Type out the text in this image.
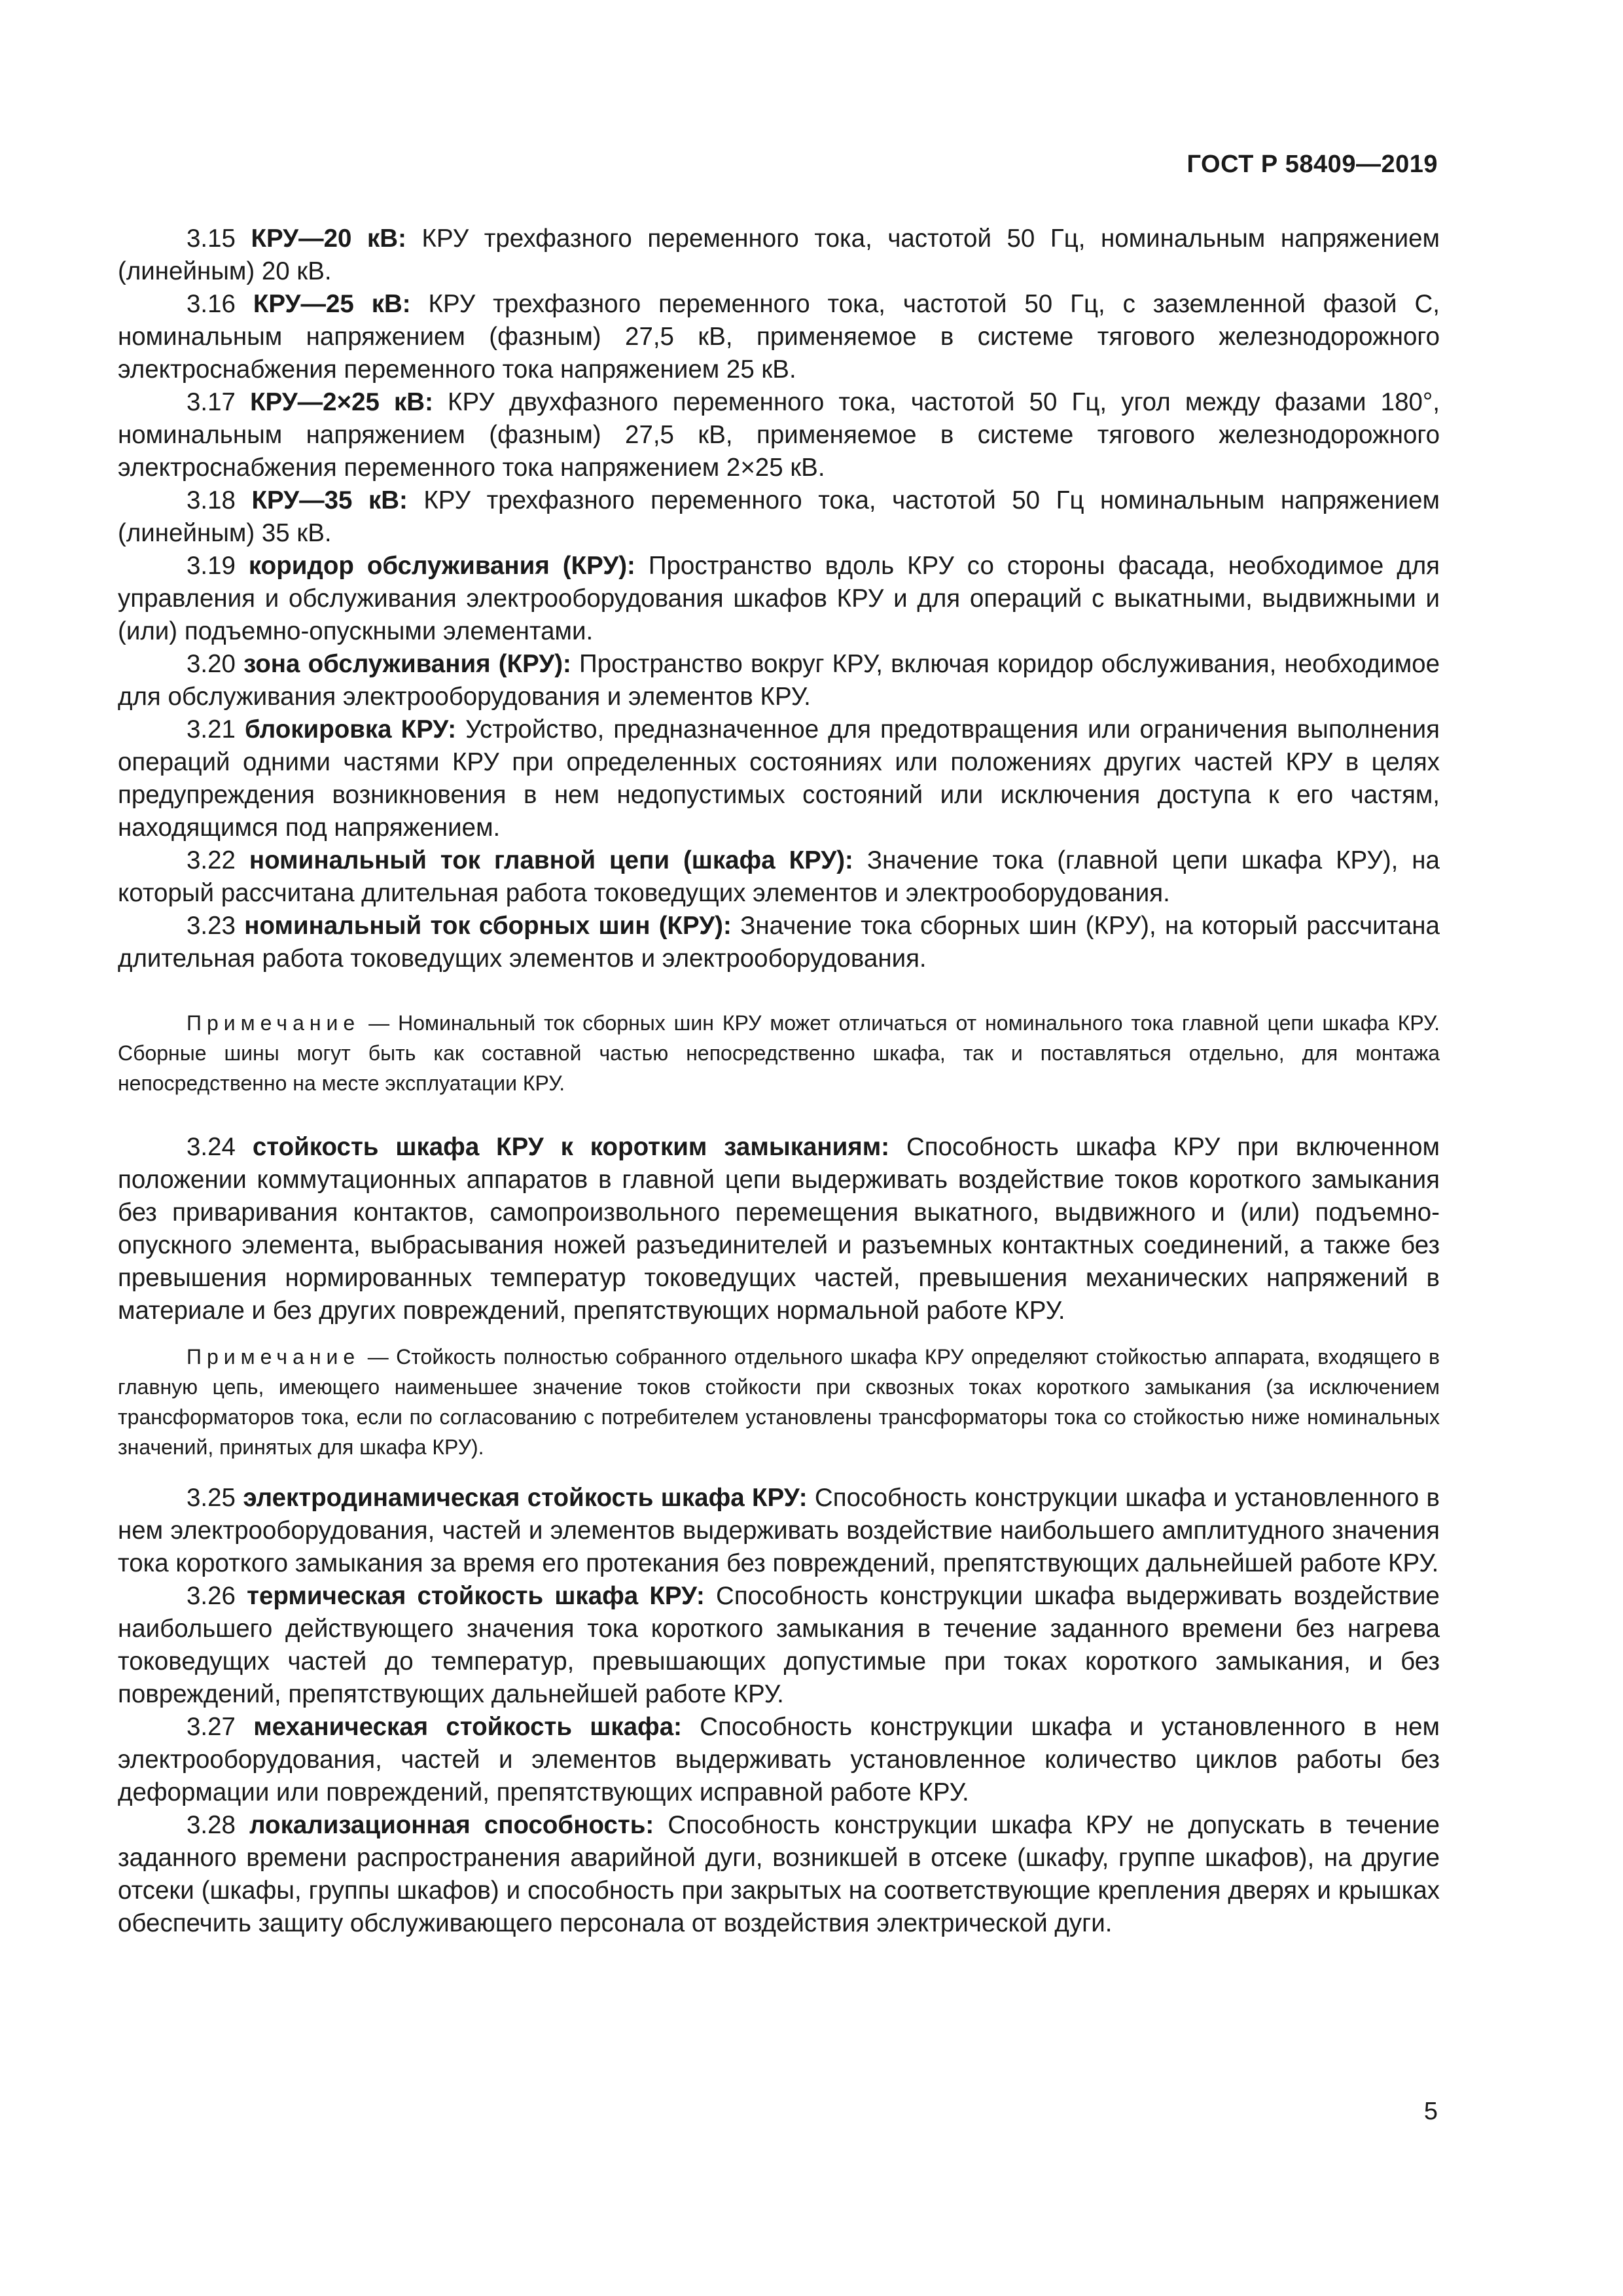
ГОСТ Р 58409—2019

3.15 КРУ—20 кВ: КРУ трехфазного переменного тока, частотой 50 Гц, номинальным напряжением (линейным) 20 кВ.

3.16 КРУ—25 кВ: КРУ трехфазного переменного тока, частотой 50 Гц, с заземленной фазой С, номинальным напряжением (фазным) 27,5 кВ, применяемое в системе тягового железнодорожного электроснабжения переменного тока напряжением 25 кВ.

3.17 КРУ—2×25 кВ: КРУ двухфазного переменного тока, частотой 50 Гц, угол между фазами 180°, номинальным напряжением (фазным) 27,5 кВ, применяемое в системе тягового железнодорожного электроснабжения переменного тока напряжением 2×25 кВ.

3.18 КРУ—35 кВ: КРУ трехфазного переменного тока, частотой 50 Гц номинальным напряжением (линейным) 35 кВ.

3.19 коридор обслуживания (КРУ): Пространство вдоль КРУ со стороны фасада, необходимое для управления и обслуживания электрооборудования шкафов КРУ и для операций с выкатными, выдвижными и (или) подъемно-опускными элементами.

3.20 зона обслуживания (КРУ): Пространство вокруг КРУ, включая коридор обслуживания, необходимое для обслуживания электрооборудования и элементов КРУ.

3.21 блокировка КРУ: Устройство, предназначенное для предотвращения или ограничения выполнения операций одними частями КРУ при определенных состояниях или положениях других частей КРУ в целях предупреждения возникновения в нем недопустимых состояний или исключения доступа к его частям, находящимся под напряжением.

3.22 номинальный ток главной цепи (шкафа КРУ): Значение тока (главной цепи шкафа КРУ), на который рассчитана длительная работа токоведущих элементов и электрооборудования.

3.23 номинальный ток сборных шин (КРУ): Значение тока сборных шин (КРУ), на который рассчитана длительная работа токоведущих элементов и электрооборудования.

Примечание — Номинальный ток сборных шин КРУ может отличаться от номинального тока главной цепи шкафа КРУ. Сборные шины могут быть как составной частью непосредственно шкафа, так и поставляться отдельно, для монтажа непосредственно на месте эксплуатации КРУ.

3.24 стойкость шкафа КРУ к коротким замыканиям: Способность шкафа КРУ при включенном положении коммутационных аппаратов в главной цепи выдерживать воздействие токов короткого замыкания без приваривания контактов, самопроизвольного перемещения выкатного, выдвижного и (или) подъемно-опускного элемента, выбрасывания ножей разъединителей и разъемных контактных соединений, а также без превышения нормированных температур токоведущих частей, превышения механических напряжений в материале и без других повреждений, препятствующих нормальной работе КРУ.

Примечание — Стойкость полностью собранного отдельного шкафа КРУ определяют стойкостью аппарата, входящего в главную цепь, имеющего наименьшее значение токов стойкости при сквозных токах короткого замыкания (за исключением трансформаторов тока, если по согласованию с потребителем установлены трансформаторы тока со стойкостью ниже номинальных значений, принятых для шкафа КРУ).

3.25 электродинамическая стойкость шкафа КРУ: Способность конструкции шкафа и установленного в нем электрооборудования, частей и элементов выдерживать воздействие наибольшего амплитудного значения тока короткого замыкания за время его протекания без повреждений, препятствующих дальнейшей работе КРУ.

3.26 термическая стойкость шкафа КРУ: Способность конструкции шкафа выдерживать воздействие наибольшего действующего значения тока короткого замыкания в течение заданного времени без нагрева токоведущих частей до температур, превышающих допустимые при токах короткого замыкания, и без повреждений, препятствующих дальнейшей работе КРУ.

3.27 механическая стойкость шкафа: Способность конструкции шкафа и установленного в нем электрооборудования, частей и элементов выдерживать установленное количество циклов работы без деформации или повреждений, препятствующих исправной работе КРУ.

3.28 локализационная способность: Способность конструкции шкафа КРУ не допускать в течение заданного времени распространения аварийной дуги, возникшей в отсеке (шкафу, группе шкафов), на другие отсеки (шкафы, группы шкафов) и способность при закрытых на соответствующие крепления дверях и крышках обеспечить защиту обслуживающего персонала от воздействия электрической дуги.

5
